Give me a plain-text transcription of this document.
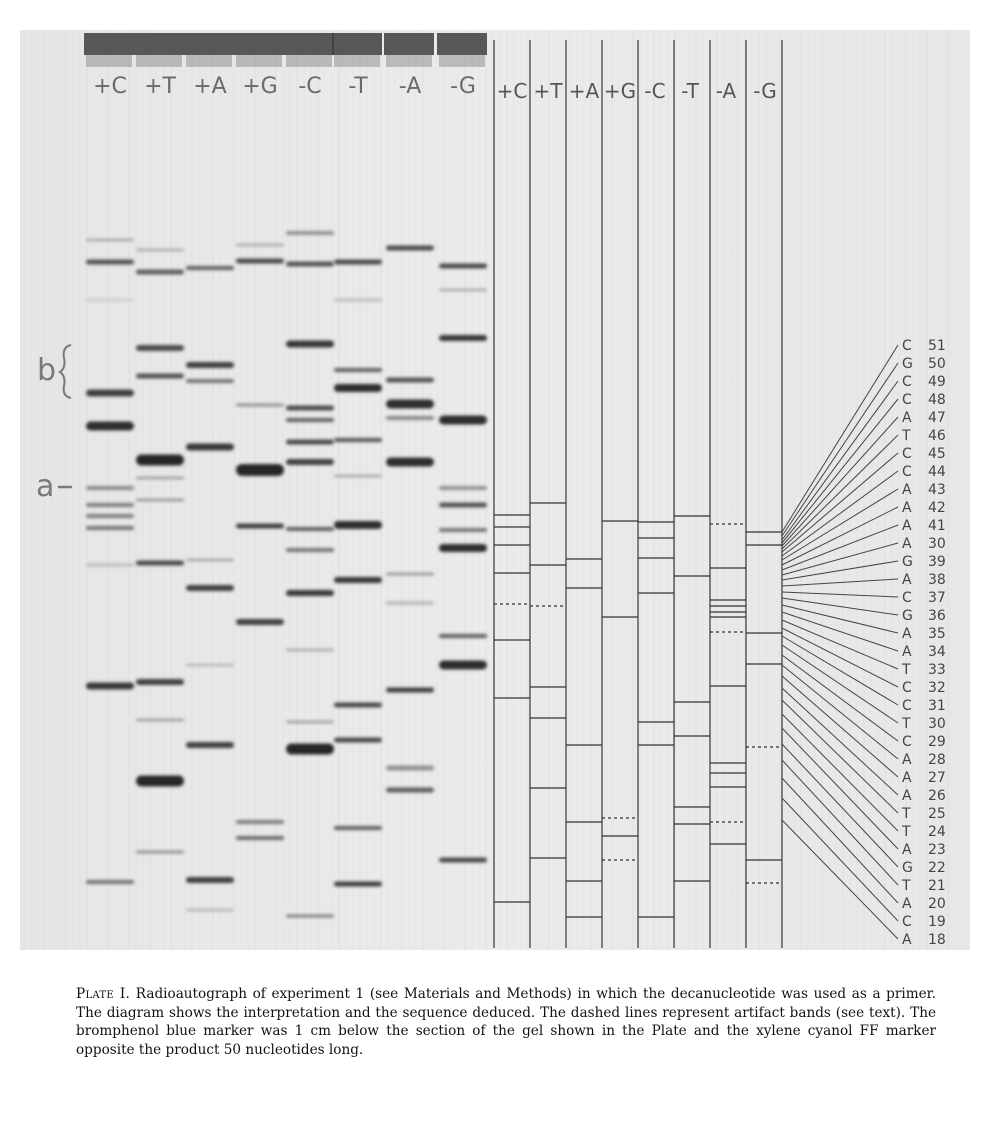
+C +T +A +G -C -T -A -G
b
a
+C +T +A +G -C -T -A -G
C 51
G 50
C 49
C 48
A 47
T 46
C 45
C 44
A 43
A 42
A 41
A 30
G 39
A 38
C 37
G 36
A 35
A 34
T 33
C 32
C 31
T 30
C 29
A 28
A 27
A 26
T 25
T 24
A 23
G 22
T 21
A 20
C 19
A 18
Plate I. Radioautograph of experiment 1 (see Materials and Methods) in which the decanucleotide was used as a primer. The diagram shows the interpretation and the sequence deduced. The dashed lines represent artifact bands (see text). The bromphenol blue marker was 1 cm below the section of the gel shown in the Plate and the xylene cyanol FF marker opposite the product 50 nucleotides long.
